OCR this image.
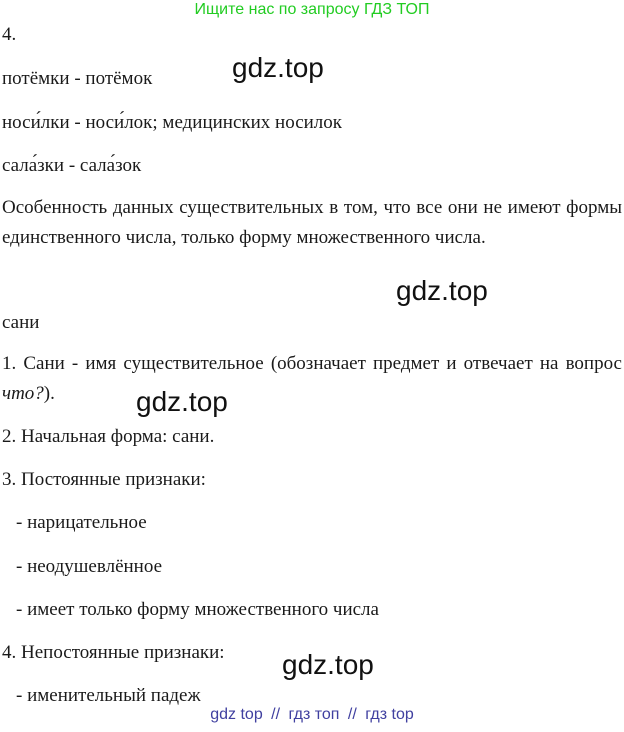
Ищите нас по запросу ГДЗ ТОП
4.
потёмки - потёмок
носи́лки - носи́лок; медицинских носилок
сала́зки - сала́зок
Особенность данных существительных в том, что все они не имеют формы единственного числа, только форму множественного числа.
сани
1. Сани - имя существительное (обозначает предмет и отвечает на вопрос что?).
2. Начальная форма: сани.
3. Постоянные признаки:
- нарицательное
- неодушевлённое
- имеет только форму множественного числа
4. Непостоянные признаки:
- именительный падеж
gdz.top
gdz.top
gdz.top
gdz.top
gdz top // гдз топ // гдз top
